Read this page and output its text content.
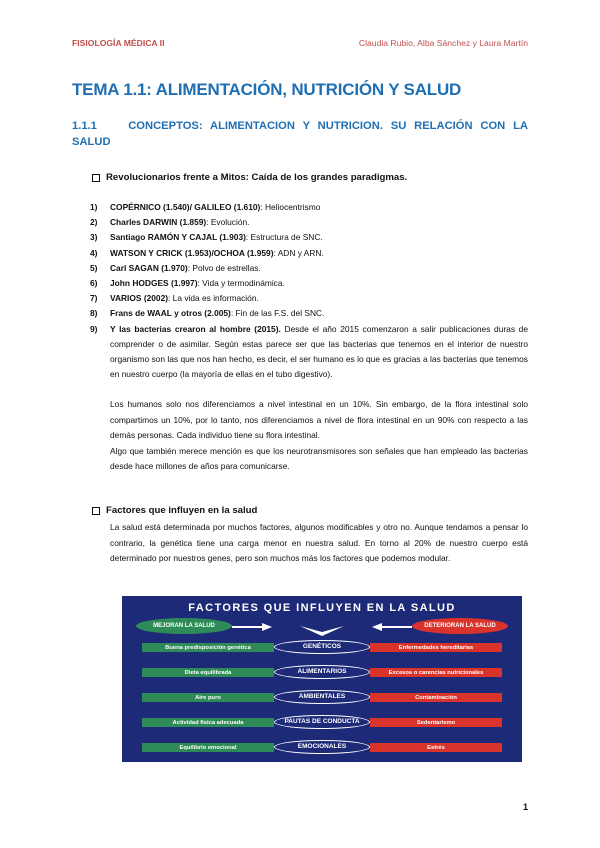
FISIOLOGÍA MÉDICA II	Claudia Rubio, Alba Sánchez y Laura Martín
TEMA 1.1: ALIMENTACIÓN, NUTRICIÓN Y SALUD
1.1.1	CONCEPTOS: ALIMENTACION Y NUTRICION. SU RELACIÓN CON LA
SALUD
Revolucionarios frente a Mitos: Caída de los grandes paradigmas.
1) COPÉRNICO (1.540)/ GALILEO (1.610): Heliocentrismo
2) Charles DARWIN (1.859): Evolución.
3) Santiago RAMÓN Y CAJAL (1.903): Estructura de SNC.
4) WATSON Y CRICK (1.953)/OCHOA (1.959): ADN y ARN.
5) Carl SAGAN (1.970): Polvo de estrellas.
6) John HODGES (1.997): Vida y termodinámica.
7) VARIOS (2002): La vida es información.
8) Frans de WAAL y otros (2.005): Fin de las F.S. del SNC.
9) Y las bacterias crearon al hombre (2015). Desde el año 2015 comenzaron a salir publicaciones duras de comprender o de asimilar. Según estas parece ser que las bacterias que tenemos en el interior de nuestro organismo son las que nos han hecho, es decir, el ser humano es lo que es gracias a las bacterias que tenemos en nuestro cuerpo (la mayoría de ellas en el tubo digestivo).

Los humanos solo nos diferenciamos a nivel intestinal en un 10%. Sin embargo, de la flora intestinal solo compartimos un 10%, por lo tanto, nos diferenciamos a nivel de flora intestinal en un 90% con respecto a las demás personas. Cada individuo tiene su flora intestinal.

Algo que también merece mención es que los neurotransmisores son señales que han empleado las bacterias desde hace millones de años para comunicarse.

Factores que influyen en la salud

La salud está determinada por muchos factores, algunos modificables y otro no. Aunque tendamos a pensar lo contrario, la genética tiene una carga menor en nuestra salud. En torno al 20% de nuestro cuerpo está determinado por nuestros genes, pero son muchos más los factores que podemos modular.

FACTORES QUE INFLUYEN EN LA SALUD
MEJORAN LA SALUD	DETERIORAN LA SALUD
Buena predisposición genética	GENÉTICOS	Enfermedades hereditarias
Dieta equilibrada	ALIMENTARIOS	Excesos o carencias nutricionales
Aire puro	AMBIENTALES	Contaminación
Actividad física adecuada	PAUTAS DE CONDUCTA	Sedentarismo
Equilibrio emocional	EMOCIONALES	Estrés
1
